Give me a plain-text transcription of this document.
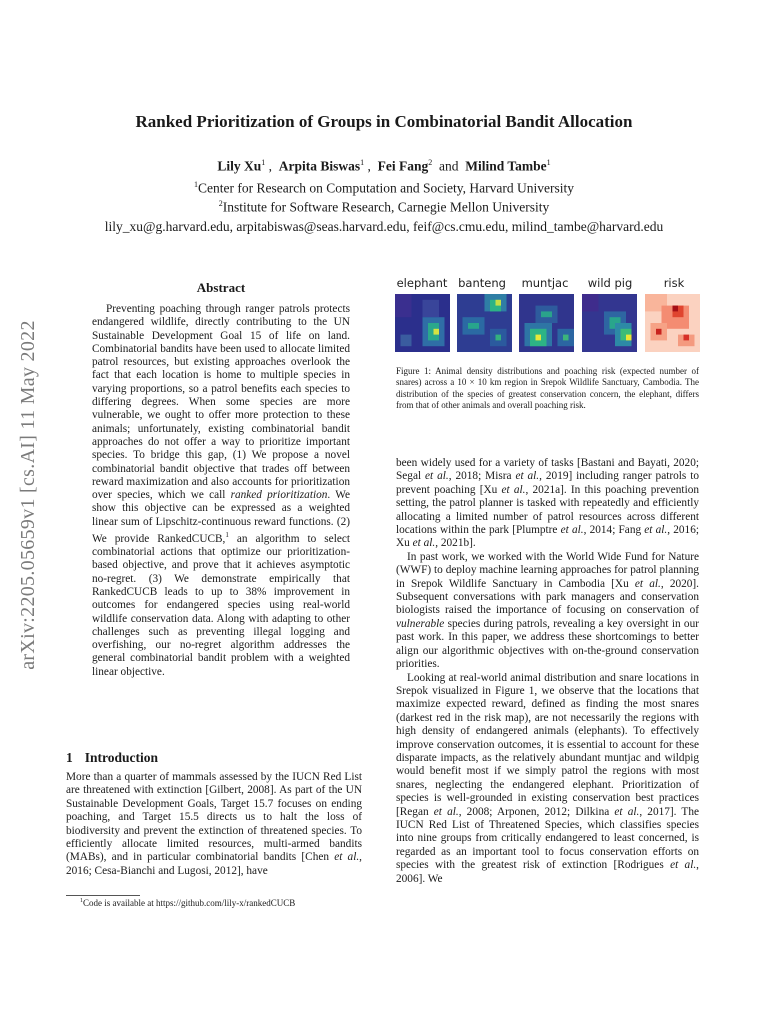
Ranked Prioritization of Groups in Combinatorial Bandit Allocation
Lily Xu$^1$ ,  Arpita Biswas$^1$ ,  Fei Fang$^2$  and  Milind Tambe$^1$
$^1$Center for Research on Computation and Society, Harvard University
$^2$Institute for Software Research, Carnegie Mellon University
lily_xu@g.harvard.edu, arpitabiswas@seas.harvard.edu, feif@cs.cmu.edu, milind_tambe@harvard.edu
arXiv:2205.05659v1 [cs.AI] 11 May 2022
Abstract
Preventing poaching through ranger patrols protects endangered wildlife, directly contributing to the UN Sustainable Development Goal 15 of life on land. Combinatorial bandits have been used to allocate limited patrol resources, but existing approaches overlook the fact that each location is home to multiple species in varying proportions, so a patrol benefits each species to differing degrees. When some species are more vulnerable, we ought to offer more protection to these animals; unfortunately, existing combinatorial bandit approaches do not offer a way to prioritize important species. To bridge this gap, (1) We propose a novel combinatorial bandit objective that trades off between reward maximization and also accounts for prioritization over species, which we call ranked prioritization. We show this objective can be expressed as a weighted linear sum of Lipschitz-continuous reward functions. (2) We provide RankedCUCB,$^1$ an algorithm to select combinatorial actions that optimize our prioritization-based objective, and prove that it achieves asymptotic no-regret. (3) We demonstrate empirically that RankedCUCB leads to up to 38% improvement in outcomes for endangered species using real-world wildlife conservation data. Along with adapting to other challenges such as preventing illegal logging and overfishing, our no-regret algorithm addresses the general combinatorial bandit problem with a weighted linear objective.
1 Introduction
More than a quarter of mammals assessed by the IUCN Red List are threatened with extinction [Gilbert, 2008]. As part of the UN Sustainable Development Goals, Target 15.7 focuses on ending poaching, and Target 15.5 directs us to halt the loss of biodiversity and prevent the extinction of threatened species. To efficiently allocate limited resources, multi-armed bandits (MABs), and in particular combinatorial bandits [Chen et al., 2016; Cesa-Bianchi and Lugosi, 2012], have
$^1$Code is available at https://github.com/lily-x/rankedCUCB
elephant banteng	muntjac	wild pig	risk
Figure 1: Animal density distributions and poaching risk (expected number of snares) across a 10 × 10 km region in Srepok Wildlife Sanctuary, Cambodia. The distribution of the species of greatest conservation concern, the elephant, differs from that of other animals and overall poaching risk.
been widely used for a variety of tasks [Bastani and Bayati, 2020; Segal et al., 2018; Misra et al., 2019] including ranger patrols to prevent poaching [Xu et al., 2021a]. In this poaching prevention setting, the patrol planner is tasked with repeatedly and efficiently allocating a limited number of patrol resources across different locations within the park [Plumptre et al., 2014; Fang et al., 2016; Xu et al., 2021b].
In past work, we worked with the World Wide Fund for Nature (WWF) to deploy machine learning approaches for patrol planning in Srepok Wildlife Sanctuary in Cambodia [Xu et al., 2020]. Subsequent conversations with park managers and conservation biologists raised the importance of focusing on conservation of vulnerable species during patrols, revealing a key oversight in our past work. In this paper, we address these shortcomings to better align our algorithmic objectives with on-the-ground conservation priorities.
Looking at real-world animal distribution and snare locations in Srepok visualized in Figure 1, we observe that the locations that maximize expected reward, defined as finding the most snares (darkest red in the risk map), are not necessarily the regions with high density of endangered animals (elephants). To effectively improve conservation outcomes, it is essential to account for these disparate impacts, as the relatively abundant muntjac and wildpig would benefit most if we simply patrol the regions with most snares, neglecting the endangered elephant. Prioritization of species is well-grounded in existing conservation best practices [Regan et al., 2008; Arponen, 2012; Dilkina et al., 2017]. The IUCN Red List of Threatened Species, which classifies species into nine groups from critically endangered to least concerned, is regarded as an important tool to focus conservation efforts on species with the greatest risk of extinction [Rodrigues et al., 2006]. We
